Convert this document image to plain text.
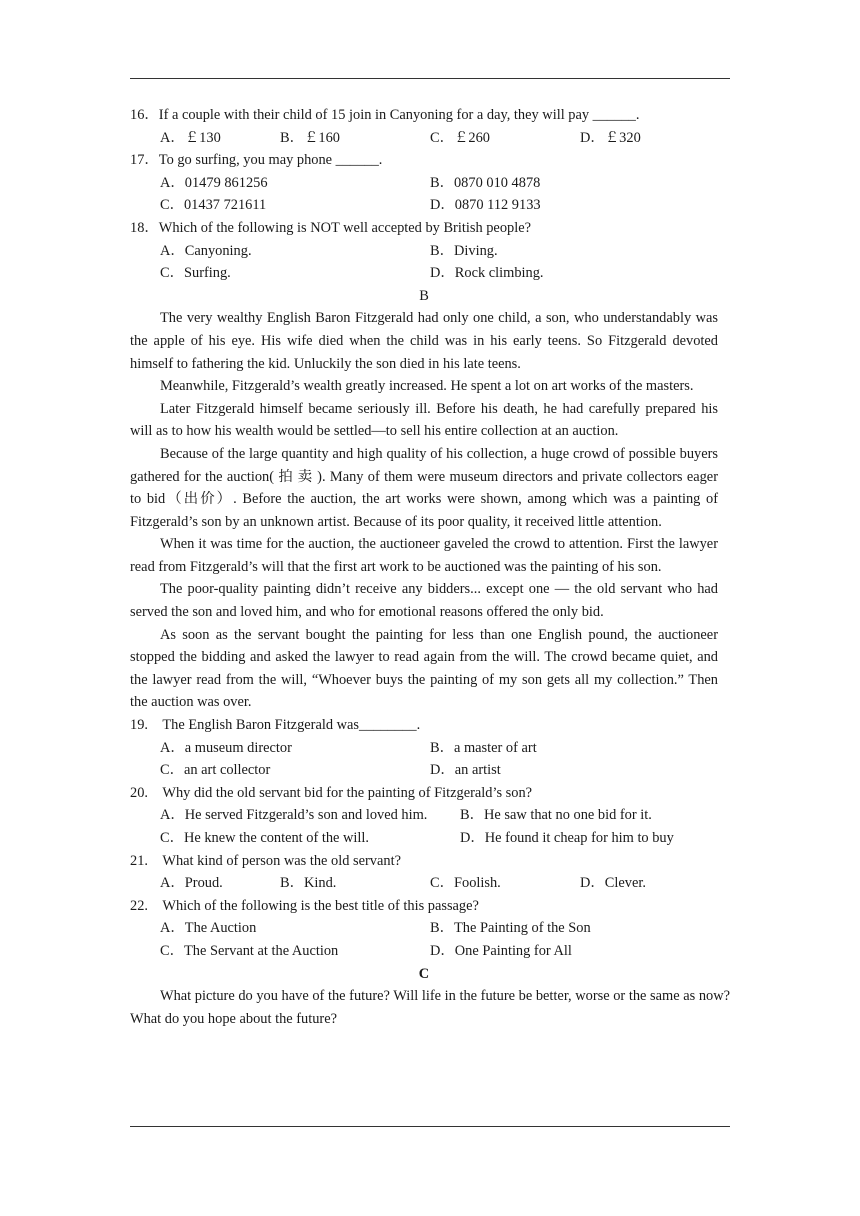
16．If a couple with their child of 15 join in Canyoning for a day, they will pay ______.
A．￡130	B．￡160	C．￡260	D．￡320
17．To go surfing, you may phone ______.
A．01479 861256	B．0870 010 4878
C．01437 721611	D．0870 112 9133
18．Which of the following is NOT well accepted by British people?
A．Canyoning.	B．Diving.
C．Surfing.	D．Rock climbing.
B

The very wealthy English Baron Fitzgerald had only one child, a son, who understandably was the apple of his eye. His wife died when the child was in his early teens. So Fitzgerald devoted himself to fathering the kid. Unluckily the son died in his late teens.

Meanwhile, Fitzgerald’s wealth greatly increased. He spent a lot on art works of the masters.

Later Fitzgerald himself became seriously ill. Before his death, he had carefully prepared his will as to how his wealth would be settled—to sell his entire collection at an auction.

Because of the large quantity and high quality of his collection, a huge crowd of possible buyers gathered for the auction( 拍 卖 ). Many of them were museum directors and private collectors eager to bid（出价）. Before the auction, the art works were shown, among which was a painting of Fitzgerald’s son by an unknown artist. Because of its poor quality, it received little attention.

When it was time for the auction, the auctioneer gaveled the crowd to attention. First the lawyer read from Fitzgerald’s will that the first art work to be auctioned was the painting of his son.

The poor-quality painting didn’t receive any bidders... except one — the old servant who had served the son and loved him, and who for emotional reasons offered the only bid.

As soon as the servant bought the painting for less than one English pound, the auctioneer stopped the bidding and asked the lawyer to read again from the will. The crowd became quiet, and the lawyer read from the will, “Whoever buys the painting of my son gets all my collection.” Then the auction was over.

19.　The English Baron Fitzgerald was________.
A．a museum director	B．a master of art
C．an art collector	D．an artist
20.　Why did the old servant bid for the painting of Fitzgerald’s son?
A．He served Fitzgerald’s son and loved him. B．He saw that no one bid for it.
C．He knew the content of the will.	D．He found it cheap for him to buy
21.　What kind of person was the old servant?
A．Proud.	B．Kind.	C．Foolish.	D．Clever.
22.　Which of the following is the best title of this passage?
A．The Auction	B．The Painting of the Son
C．The Servant at the Auction	D．One Painting for All
C

What picture do you have of the future? Will life in the future be better, worse or the same as now? What do you hope about the future?
